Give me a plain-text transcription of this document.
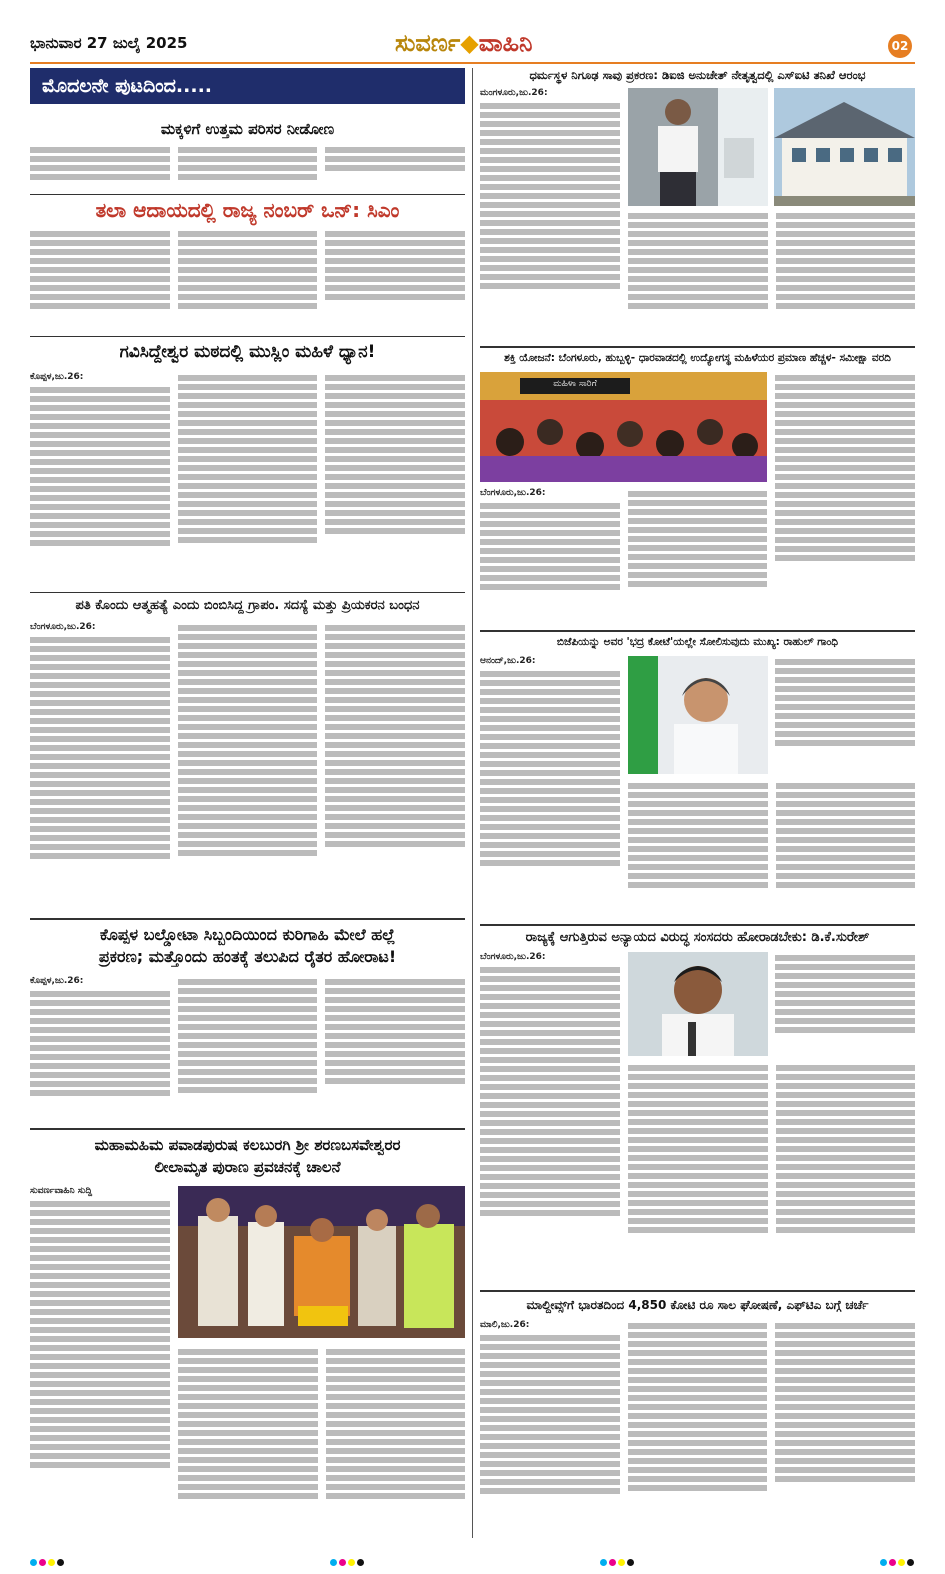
ಭಾನುವಾರ 27 ಜುಲೈ 2025	ಸುವರ್ಣ◆ವಾಹಿನಿ	02
ಮೊದಲನೇ ಪುಟದಿಂದ.....
ಮಕ್ಕಳಿಗೆ ಉತ್ತಮ ಪರಿಸರ ನೀಡೋಣ
ತಲಾ ಆದಾಯದಲ್ಲಿ ರಾಜ್ಯ ನಂಬರ್ ಒನ್: ಸಿಎಂ
ಗವಿಸಿದ್ದೇಶ್ವರ ಮಠದಲ್ಲಿ ಮುಸ್ಲಿಂ ಮಹಿಳೆ ಧ್ಯಾನ!
ಕೊಪ್ಪಳ,ಜು.26:
ಪತಿ ಕೊಂದು ಆತ್ಮಹತ್ಯೆ ಎಂದು ಬಿಂಬಿಸಿದ್ದ ಗ್ರಾಪಂ. ಸದಸ್ಯೆ ಮತ್ತು ಪ್ರಿಯಕರನ ಬಂಧನ
ಬೆಂಗಳೂರು,ಜು.26:
ಕೊಪ್ಪಳ ಬಲ್ಡೋಟಾ ಸಿಬ್ಬಂದಿಯಿಂದ ಕುರಿಗಾಹಿ ಮೇಲೆ ಹಲ್ಲೆ
ಪ್ರಕರಣ; ಮತ್ತೊಂದು ಹಂತಕ್ಕೆ ತಲುಪಿದ ರೈತರ ಹೋರಾಟ!
ಕೊಪ್ಪಳ,ಜು.26:
ಮಹಾಮಹಿಮ ಪವಾಡಪುರುಷ ಕಲಬುರಗಿ ಶ್ರೀ ಶರಣಬಸವೇಶ್ವರರ
ಲೀಲಾಮೃತ ಪುರಾಣ ಪ್ರವಚನಕ್ಕೆ ಚಾಲನೆ
ಸುವರ್ಣವಾಹಿನಿ ಸುದ್ದಿ
ಧರ್ಮಸ್ಥಳ ನಿಗೂಢ ಸಾವು ಪ್ರಕರಣ: ಡಿಐಜಿ ಅನುಚೇತ್ ನೇತೃತ್ವದಲ್ಲಿ ಎಸ್‌ಐಟಿ ತನಿಖೆ ಆರಂಭ
ಮಂಗಳೂರು,ಜು.26:
ಶಕ್ತಿ ಯೋಜನೆ: ಬೆಂಗಳೂರು, ಹುಬ್ಬಳ್ಳಿ- ಧಾರವಾಡದಲ್ಲಿ ಉದ್ಯೋಗಸ್ಥ ಮಹಿಳೆಯರ ಪ್ರಮಾಣ ಹೆಚ್ಚಳ- ಸಮೀಕ್ಷಾ ವರದಿ
ಮಹಿಳಾ ಸಾರಿಗೆ
ಬೆಂಗಳೂರು,ಜು.26:
ಬಿಜೆಪಿಯನ್ನು ಅವರ 'ಭದ್ರ ಕೋಟೆ'ಯಲ್ಲೇ ಸೋಲಿಸುವುದು ಮುಖ್ಯ: ರಾಹುಲ್ ಗಾಂಧಿ
ಆನಂದ್,ಜು.26:
ರಾಜ್ಯಕ್ಕೆ ಆಗುತ್ತಿರುವ ಅನ್ಯಾಯದ ವಿರುದ್ಧ ಸಂಸದರು ಹೋರಾಡಬೇಕು: ಡಿ.ಕೆ.ಸುರೇಶ್
ಬೆಂಗಳೂರು,ಜು.26:
ಮಾಲ್ದೀವ್ಸ್‌ಗೆ ಭಾರತದಿಂದ 4,850 ಕೋಟಿ ರೂ ಸಾಲ ಘೋಷಣೆ, ಎಫ್‌ಟಿಎ ಬಗ್ಗೆ ಚರ್ಚೆ
ಮಾಲಿ,ಜು.26:
